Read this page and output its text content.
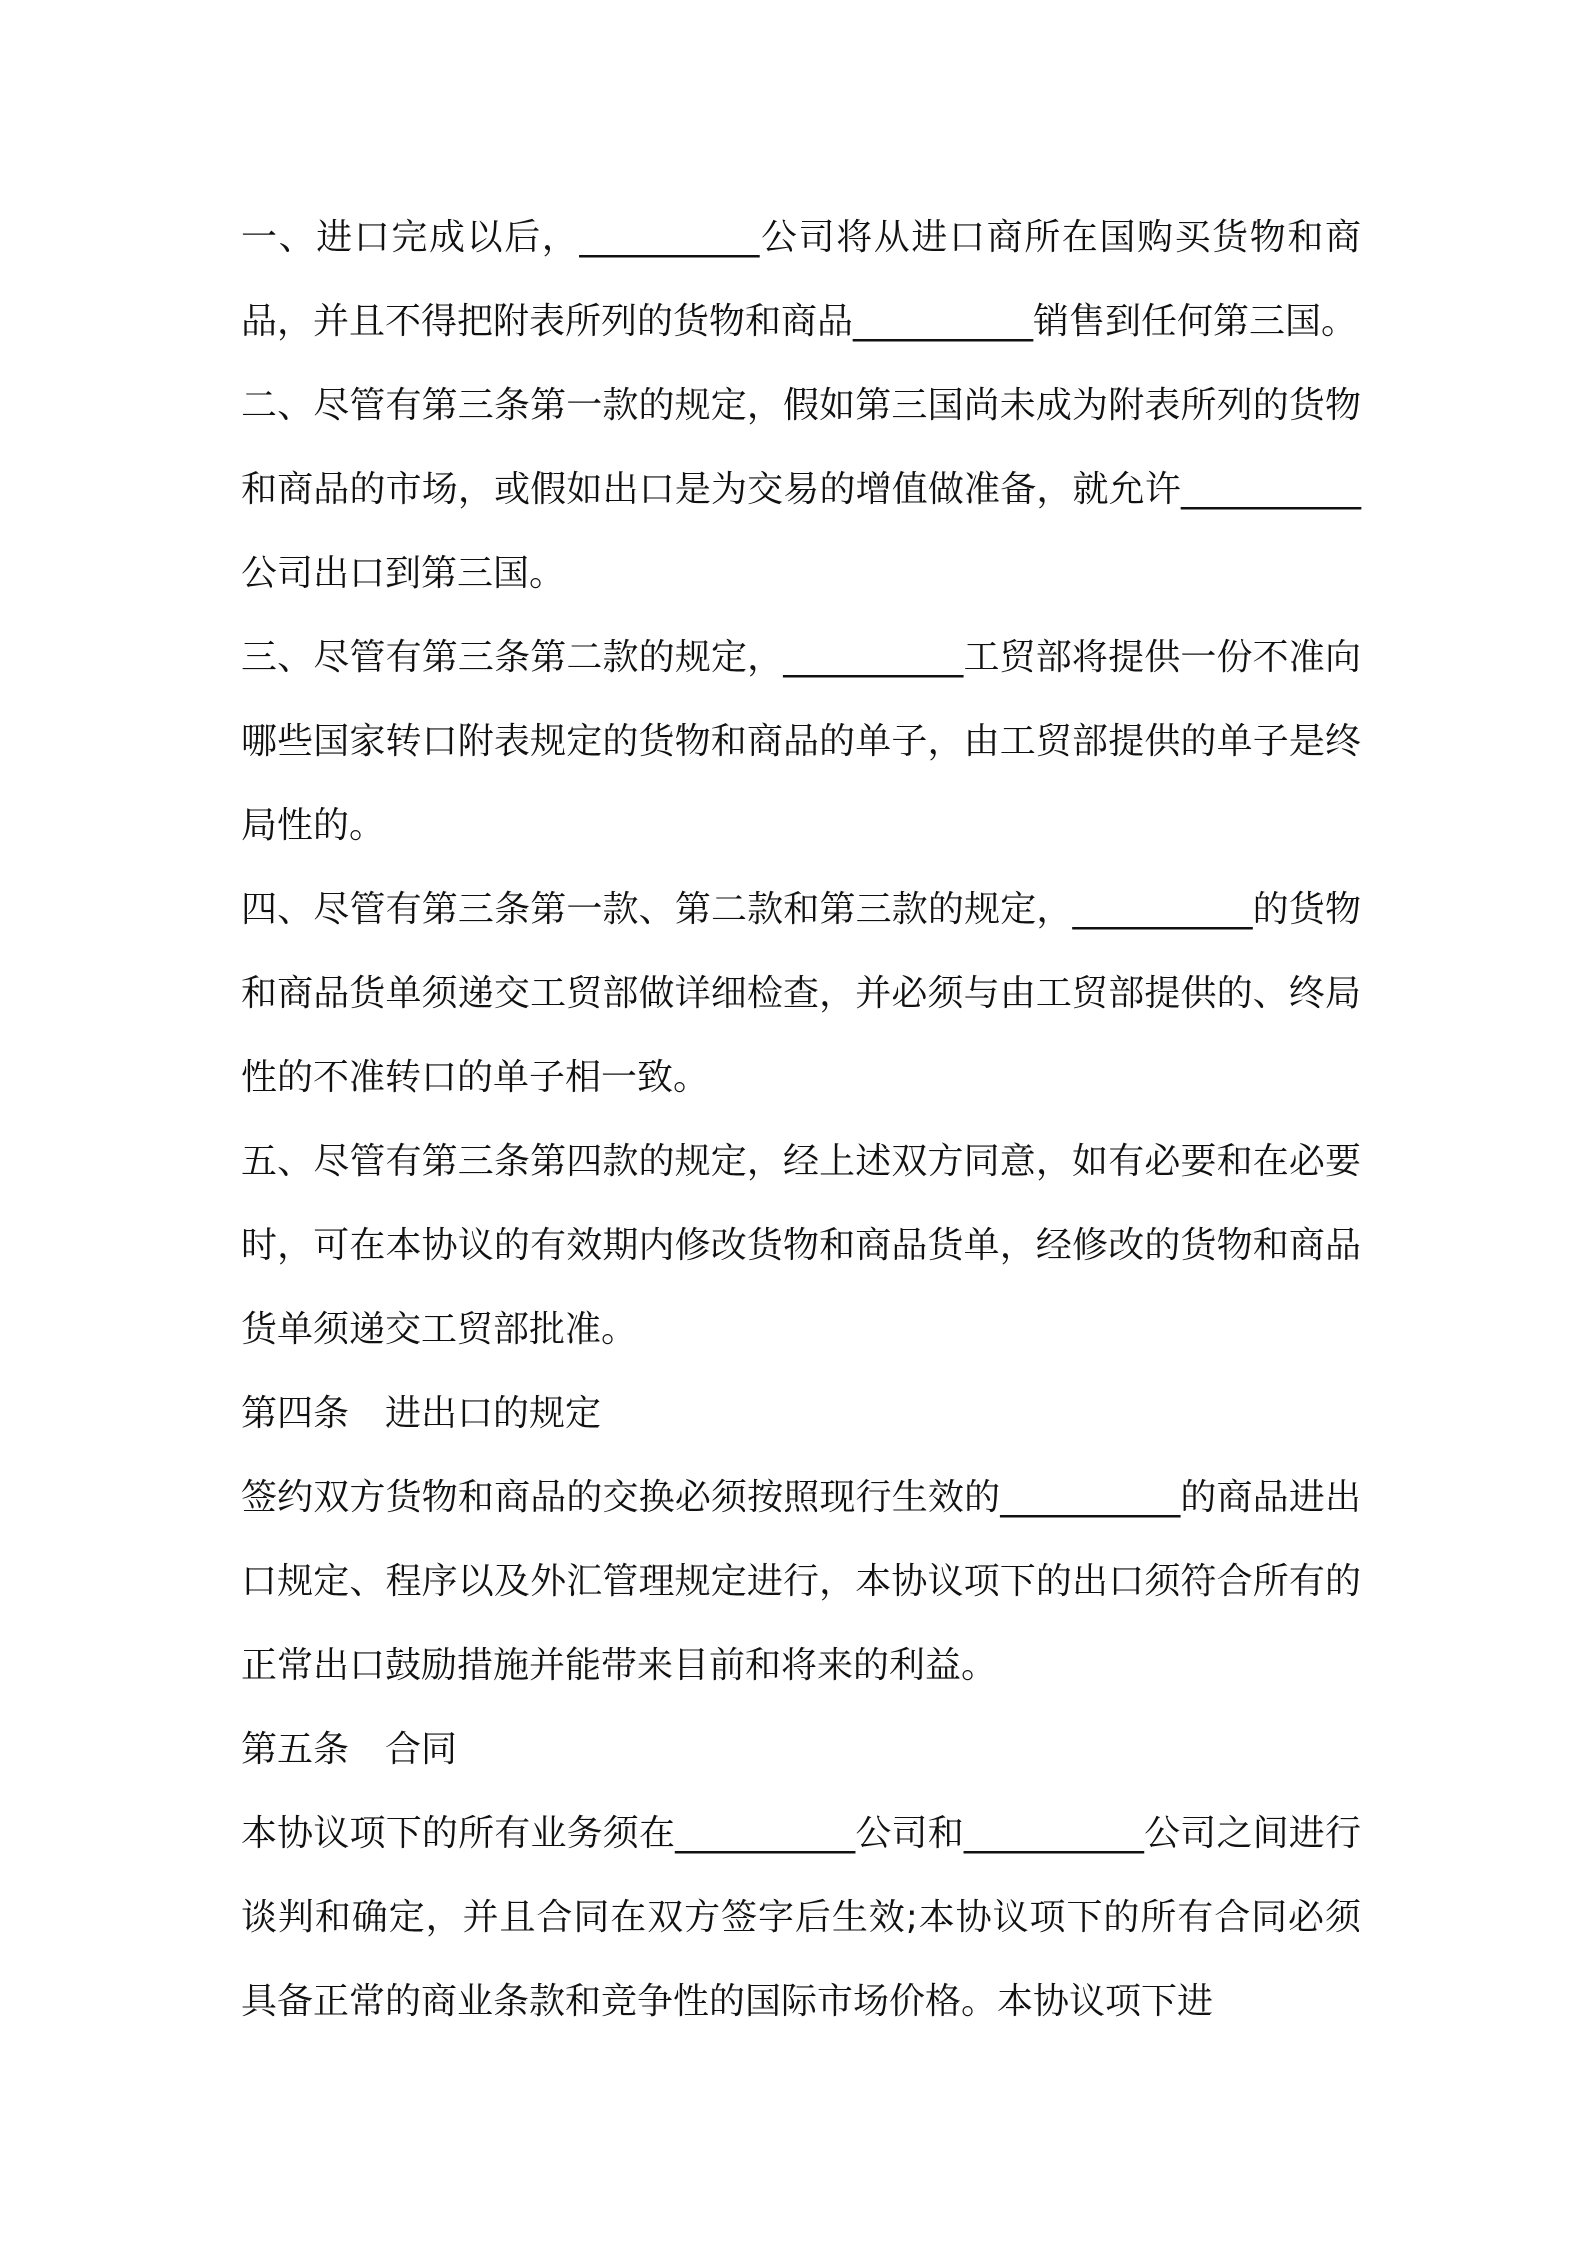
一、进口完成以后，__________公司将从进口商所在国购买货物和商品，并且不得把附表所列的货物和商品__________销售到任何第三国。

二、尽管有第三条第一款的规定，假如第三国尚未成为附表所列的货物和商品的市场，或假如出口是为交易的增值做准备，就允许__________公司出口到第三国。

三、尽管有第三条第二款的规定，__________工贸部将提供一份不准向哪些国家转口附表规定的货物和商品的单子，由工贸部提供的单子是终局性的。

四、尽管有第三条第一款、第二款和第三款的规定，__________的货物和商品货单须递交工贸部做详细检查，并必须与由工贸部提供的、终局性的不准转口的单子相一致。

五、尽管有第三条第四款的规定，经上述双方同意，如有必要和在必要时，可在本协议的有效期内修改货物和商品货单，经修改的货物和商品货单须递交工贸部批准。

第四条 进出口的规定

签约双方货物和商品的交换必须按照现行生效的__________的商品进出口规定、程序以及外汇管理规定进行，本协议项下的出口须符合所有的正常出口鼓励措施并能带来目前和将来的利益。

第五条 合同

本协议项下的所有业务须在__________公司和__________公司之间进行谈判和确定，并且合同在双方签字后生效;本协议项下的所有合同必须具备正常的商业条款和竞争性的国际市场价格。本协议项下进
